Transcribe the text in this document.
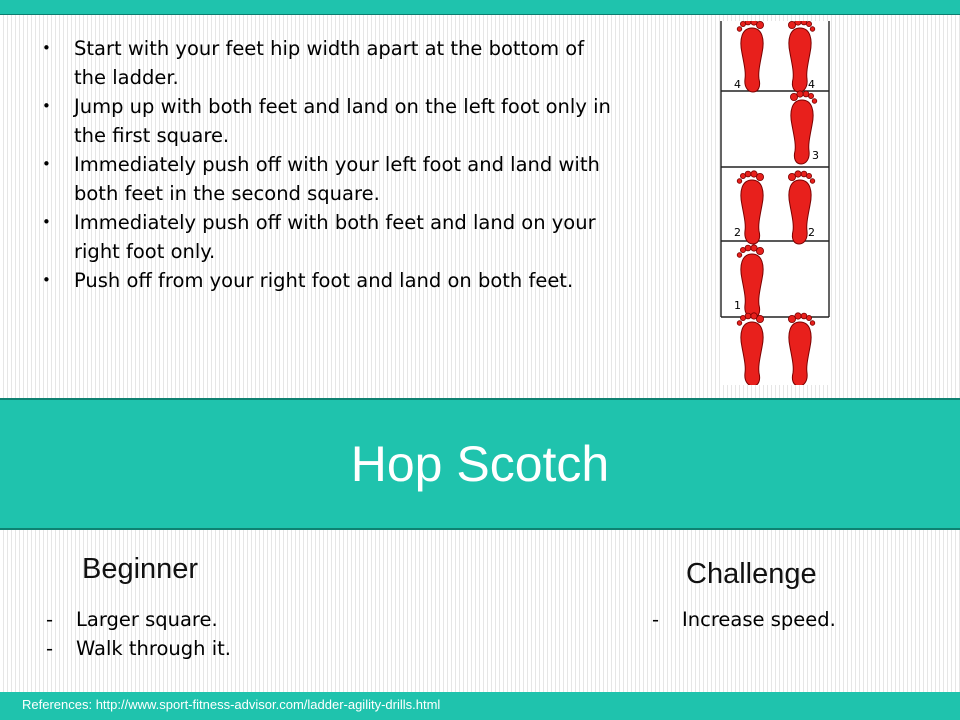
• Start with your feet hip width apart at the bottom of the ladder.
• Jump up with both feet and land on the left foot only in the first square.
• Immediately push off with your left foot and land with both feet in the second square.
• Immediately push off with both feet and land on your right foot only.
• Push off from your right foot and land on both feet.
4	4
3
2	2
1
Hop Scotch
Beginner
- Larger square.
- Walk through it.
Challenge
- Increase speed.
References: http://www.sport-fitness-advisor.com/ladder-agility-drills.html
